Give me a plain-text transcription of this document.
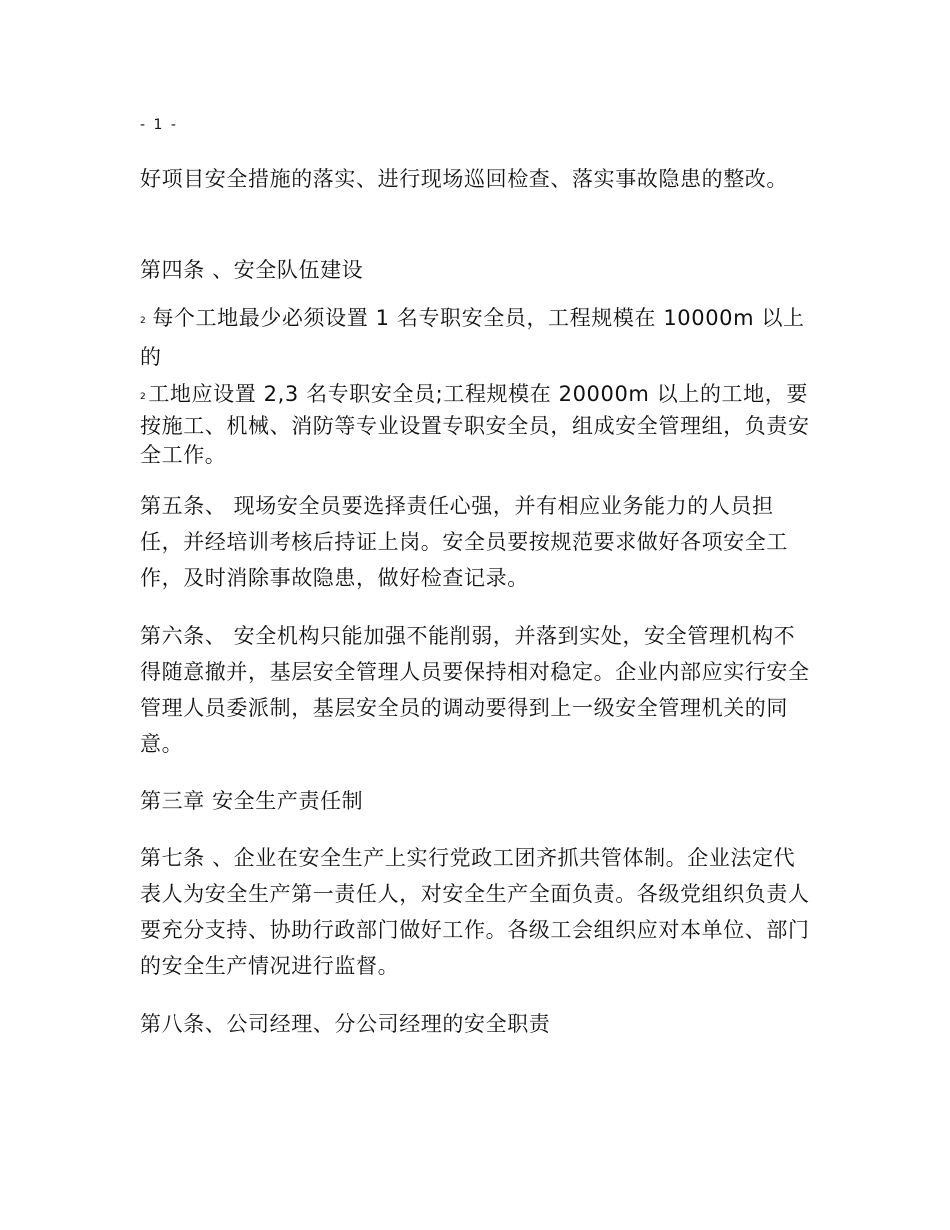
- 1 -
好项目安全措施的落实、进行现场巡回检查、落实事故隐患的整改。
第四条 、安全队伍建设
$^2$ 每个工地最少必须设置 1 名专职安全员，工程规模在 10000m 以上的
2工地应设置 2,3 名专职安全员;工程规模在 20000m 以上的工地，要按施工、机械、消防等专业设置专职安全员，组成安全管理组，负责安全工作。
第五条、 现场安全员要选择责任心强，并有相应业务能力的人员担任，并经培训考核后持证上岗。安全员要按规范要求做好各项安全工作，及时消除事故隐患，做好检查记录。
第六条、 安全机构只能加强不能削弱，并落到实处，安全管理机构不得随意撤并，基层安全管理人员要保持相对稳定。企业内部应实行安全管理人员委派制，基层安全员的调动要得到上一级安全管理机关的同意。
第三章 安全生产责任制
第七条 、企业在安全生产上实行党政工团齐抓共管体制。企业法定代表人为安全生产第一责任人，对安全生产全面负责。各级党组织负责人要充分支持、协助行政部门做好工作。各级工会组织应对本单位、部门的安全生产情况进行监督。
第八条、公司经理、分公司经理的安全职责
